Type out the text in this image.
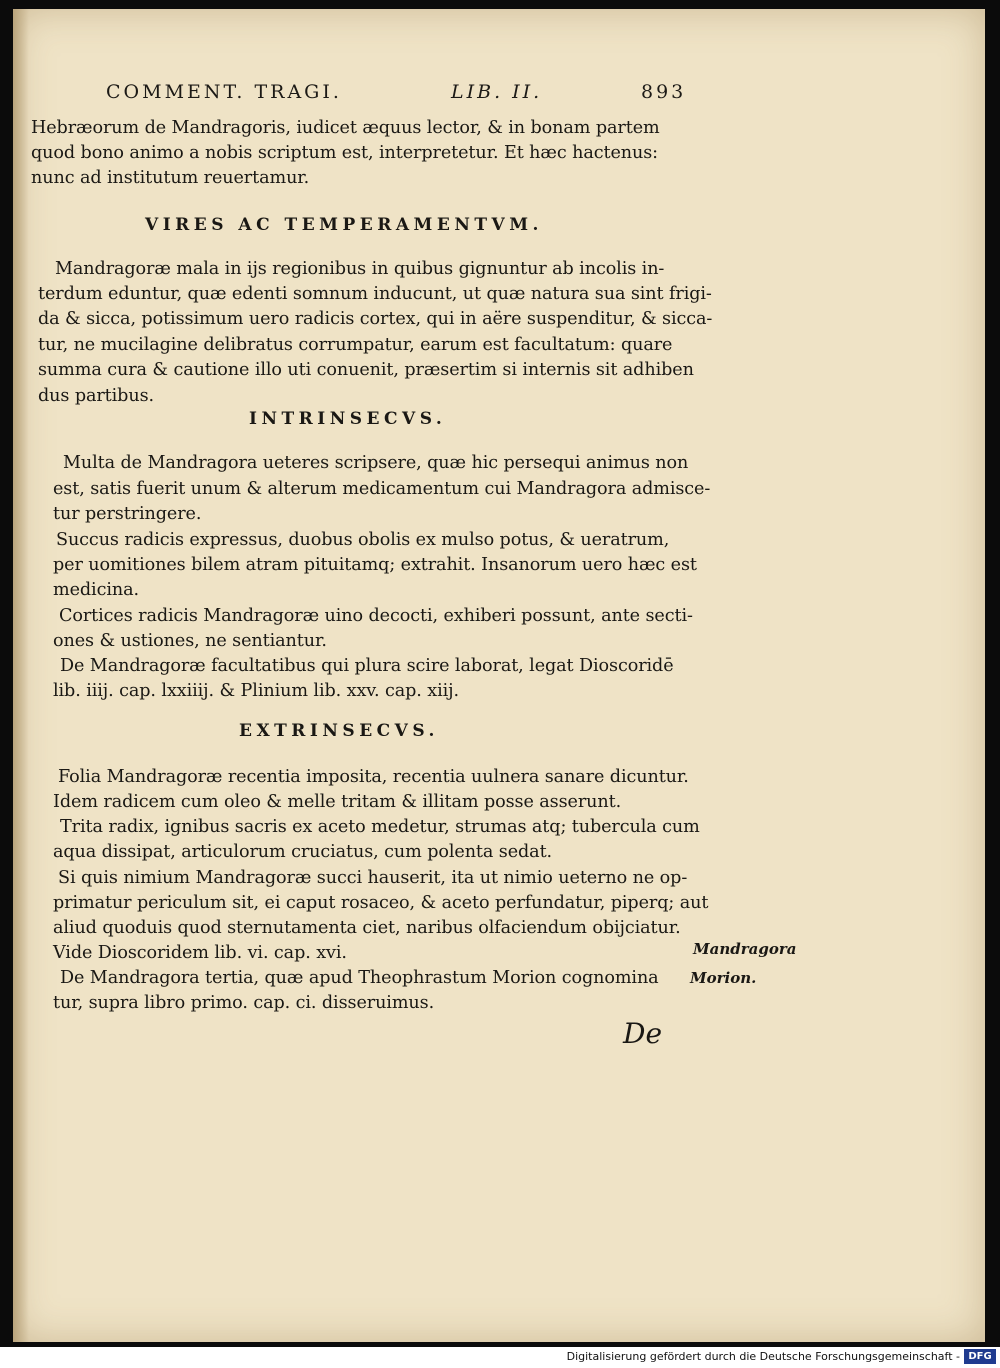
COMMENT. TRAGI.	LIB. II.	893
Hebræorum de Mandragoris, iudicet æquus lector, & in bonam partem
quod bono animo a nobis scriptum est, interpretetur. Et hæc hactenus:
nunc ad institutum reuertamur.
VIRES AC TEMPERAMENTVM.
Mandragoræ mala in ijs regionibus in quibus gignuntur ab incolis in-
terdum eduntur, quæ edenti somnum inducunt, ut quæ natura sua sint frigi-
da & sicca, potissimum uero radicis cortex, qui in aëre suspenditur, & sicca-
tur, ne mucilagine delibratus corrumpatur, earum est facultatum: quare
summa cura & cautione illo uti conuenit, præsertim si internis sit adhiben
dus partibus.
INTRINSECVS.
Multa de Mandragora ueteres scripsere, quæ hic persequi animus non
est, satis fuerit unum & alterum medicamentum cui Mandragora admisce-
tur perstringere.
Succus radicis expressus, duobus obolis ex mulso potus, & ueratrum,
per uomitiones bilem atram pituitamq; extrahit. Insanorum uero hæc est
medicina.
Cortices radicis Mandragoræ uino decocti, exhiberi possunt, ante secti-
ones & ustiones, ne sentiantur.
De Mandragoræ facultatibus qui plura scire laborat, legat Dioscoridē
lib. iiij. cap. lxxiiij. & Plinium lib. xxv. cap. xiij.
EXTRINSECVS.
Folia Mandragoræ recentia imposita, recentia uulnera sanare dicuntur.
Idem radicem cum oleo & melle tritam & illitam posse asserunt.
Trita radix, ignibus sacris ex aceto medetur, strumas atq; tubercula cum
aqua dissipat, articulorum cruciatus, cum polenta sedat.
Si quis nimium Mandragoræ succi hauserit, ita ut nimio ueterno ne op-
primatur periculum sit, ei caput rosaceo, & aceto perfundatur, piperq; aut
aliud quoduis quod sternutamenta ciet, naribus olfaciendum obijciatur.
Vide Dioscoridem lib. vi. cap. xvi.
De Mandragora tertia, quæ apud Theophrastum Morion cognomina
tur, supra libro primo. cap. ci. disseruimus.
Mandragora
Morion.
De
Digitalisierung gefördert durch die Deutsche Forschungsgemeinschaft - DFG
